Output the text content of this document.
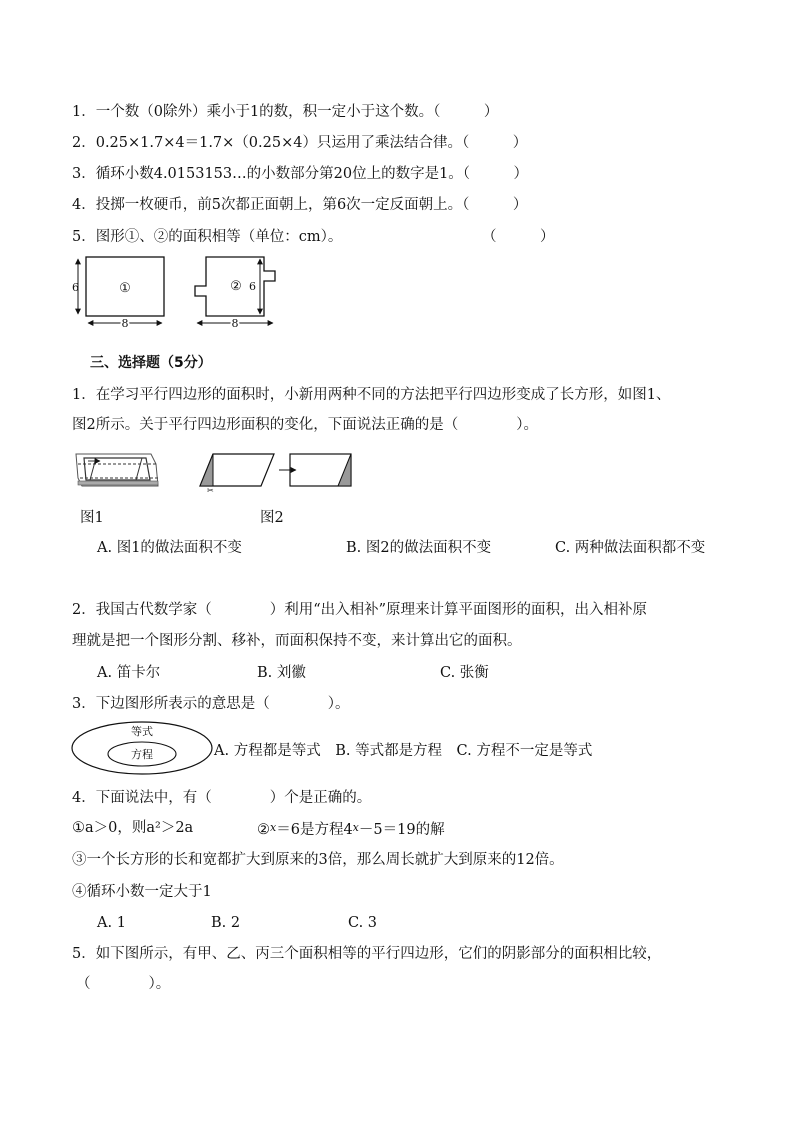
1．一个数（0除外）乘小于1的数，积一定小于这个数。（　　　）
2．0.25×1.7×4＝1.7×（0.25×4）只运用了乘法结合律。（　　　）
3．循环小数4.0153153…的小数部分第20位上的数字是1。（　　　）
4．投掷一枚硬币，前5次都正面朝上，第6次一定反面朝上。（　　　）
5．图形①、②的面积相等（单位：cm）。	（　　　）
①
6
8
② 6
8
三、选择题（5分）
1．在学习平行四边形的面积时，小新用两种不同的方法把平行四边形变成了长方形，如图1、
图2所示。关于平行四边形面积的变化，下面说法正确的是（　　　　）。
✂
图1	图2
A. 图1的做法面积不变	B. 图2的做法面积不变	C. 两种做法面积都不变
2．我国古代数学家（　　　　）利用“出入相补”原理来计算平面图形的面积，出入相补原
理就是把一个图形分割、移补，而面积保持不变，来计算出它的面积。
A. 笛卡尔	B. 刘徽	C. 张衡
3．下边图形所表示的意思是（　　　　）。
等式
方程	A. 方程都是等式　B. 等式都是方程　C. 方程不一定是等式
4．下面说法中，有（　　　　）个是正确的。
①a＞0，则a²＞2a	②$^x$＝6是方程$4^x-5=19$的解
③一个长方形的长和宽都扩大到原来的3倍，那么周长就扩大到原来的12倍。
④循环小数一定大于1
A. 1	B. 2	C. 3
5．如下图所示，有甲、乙、丙三个面积相等的平行四边形，它们的阴影部分的面积相比较，
（　　　　）。
